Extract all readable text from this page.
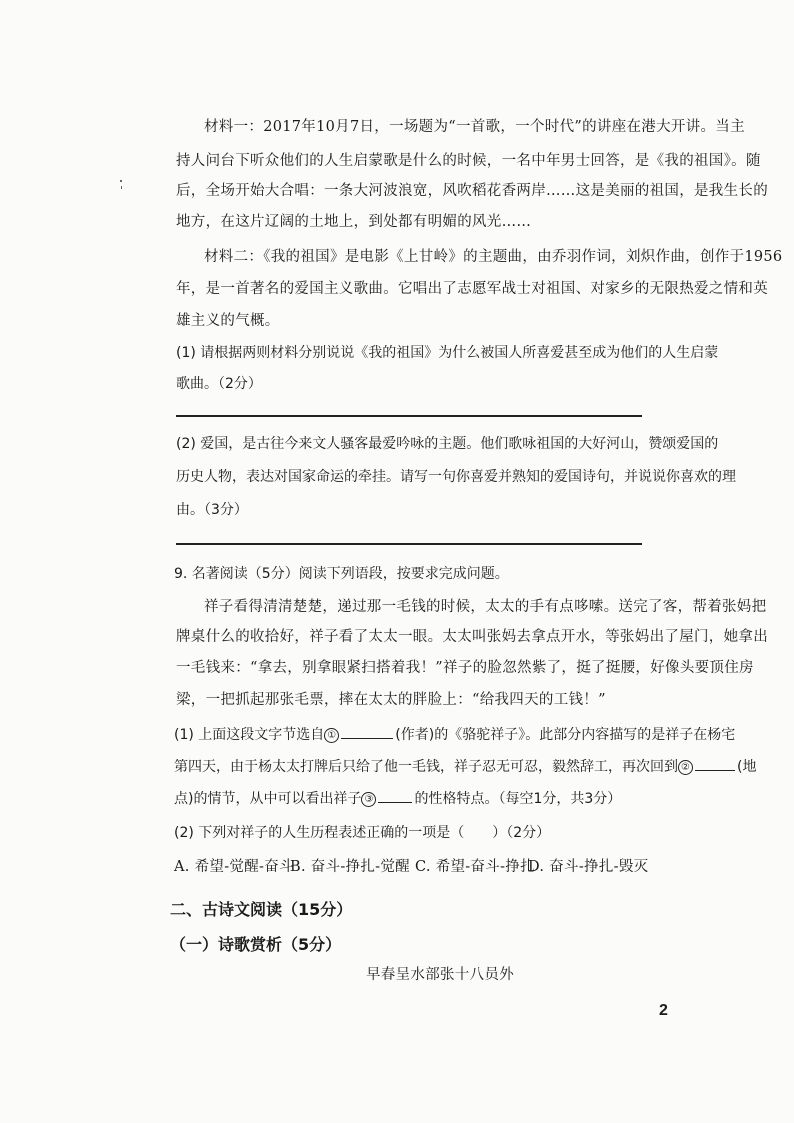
材料一：2017年10月7日，一场题为“一首歌，一个时代”的讲座在港大开讲。当主
持人问台下听众他们的人生启蒙歌是什么的时候，一名中年男士回答，是《我的祖国》。随
后，全场开始大合唱：一条大河波浪宽，风吹稻花香两岸……这是美丽的祖国，是我生长的
地方，在这片辽阔的土地上，到处都有明媚的风光……
材料二：《我的祖国》是电影《上甘岭》的主题曲，由乔羽作词，刘炽作曲，创作于1956
年，是一首著名的爱国主义歌曲。它唱出了志愿军战士对祖国、对家乡的无限热爱之情和英
雄主义的气概。
(1) 请根据两则材料分别说说《我的祖国》为什么被国人所喜爱甚至成为他们的人生启蒙
歌曲。（2分）
(2) 爱国，是古往今来文人骚客最爱吟咏的主题。他们歌咏祖国的大好河山，赞颂爱国的
历史人物，表达对国家命运的牵挂。请写一句你喜爱并熟知的爱国诗句，并说说你喜欢的理
由。（3分）
9. 名著阅读（5分）阅读下列语段，按要求完成问题。
祥子看得清清楚楚，递过那一毛钱的时候，太太的手有点哆嗦。送完了客，帮着张妈把
牌桌什么的收拾好，祥子看了太太一眼。太太叫张妈去拿点开水，等张妈出了屋门，她拿出
一毛钱来：“拿去，别拿眼紧扫搭着我！”祥子的脸忽然紫了，挺了挺腰，好像头要顶住房
梁，一把抓起那张毛票，摔在太太的胖脸上：“给我四天的工钱！”
(1) 上面这段文字节选自 ①	(作者)的《骆驼祥子》。此部分内容描写的是祥子在杨宅
第四天，由于杨太太打牌后只给了他一毛钱，祥子忍无可忍，毅然辞工，再次回到 ②	(地
点)的情节，从中可以看出祥子 ③	的性格特点。（每空1分，共3分）
(2) 下列对祥子的人生历程表述正确的一项是（　　）（2分）
A. 希望-觉醒-奋斗
B. 奋斗-挣扎-觉醒 C. 希望-奋斗-挣扎
D. 奋斗-挣扎-毁灭
二、古诗文阅读（15分）
（一）诗歌赏析（5分）
早春呈水部张十八员外
2
